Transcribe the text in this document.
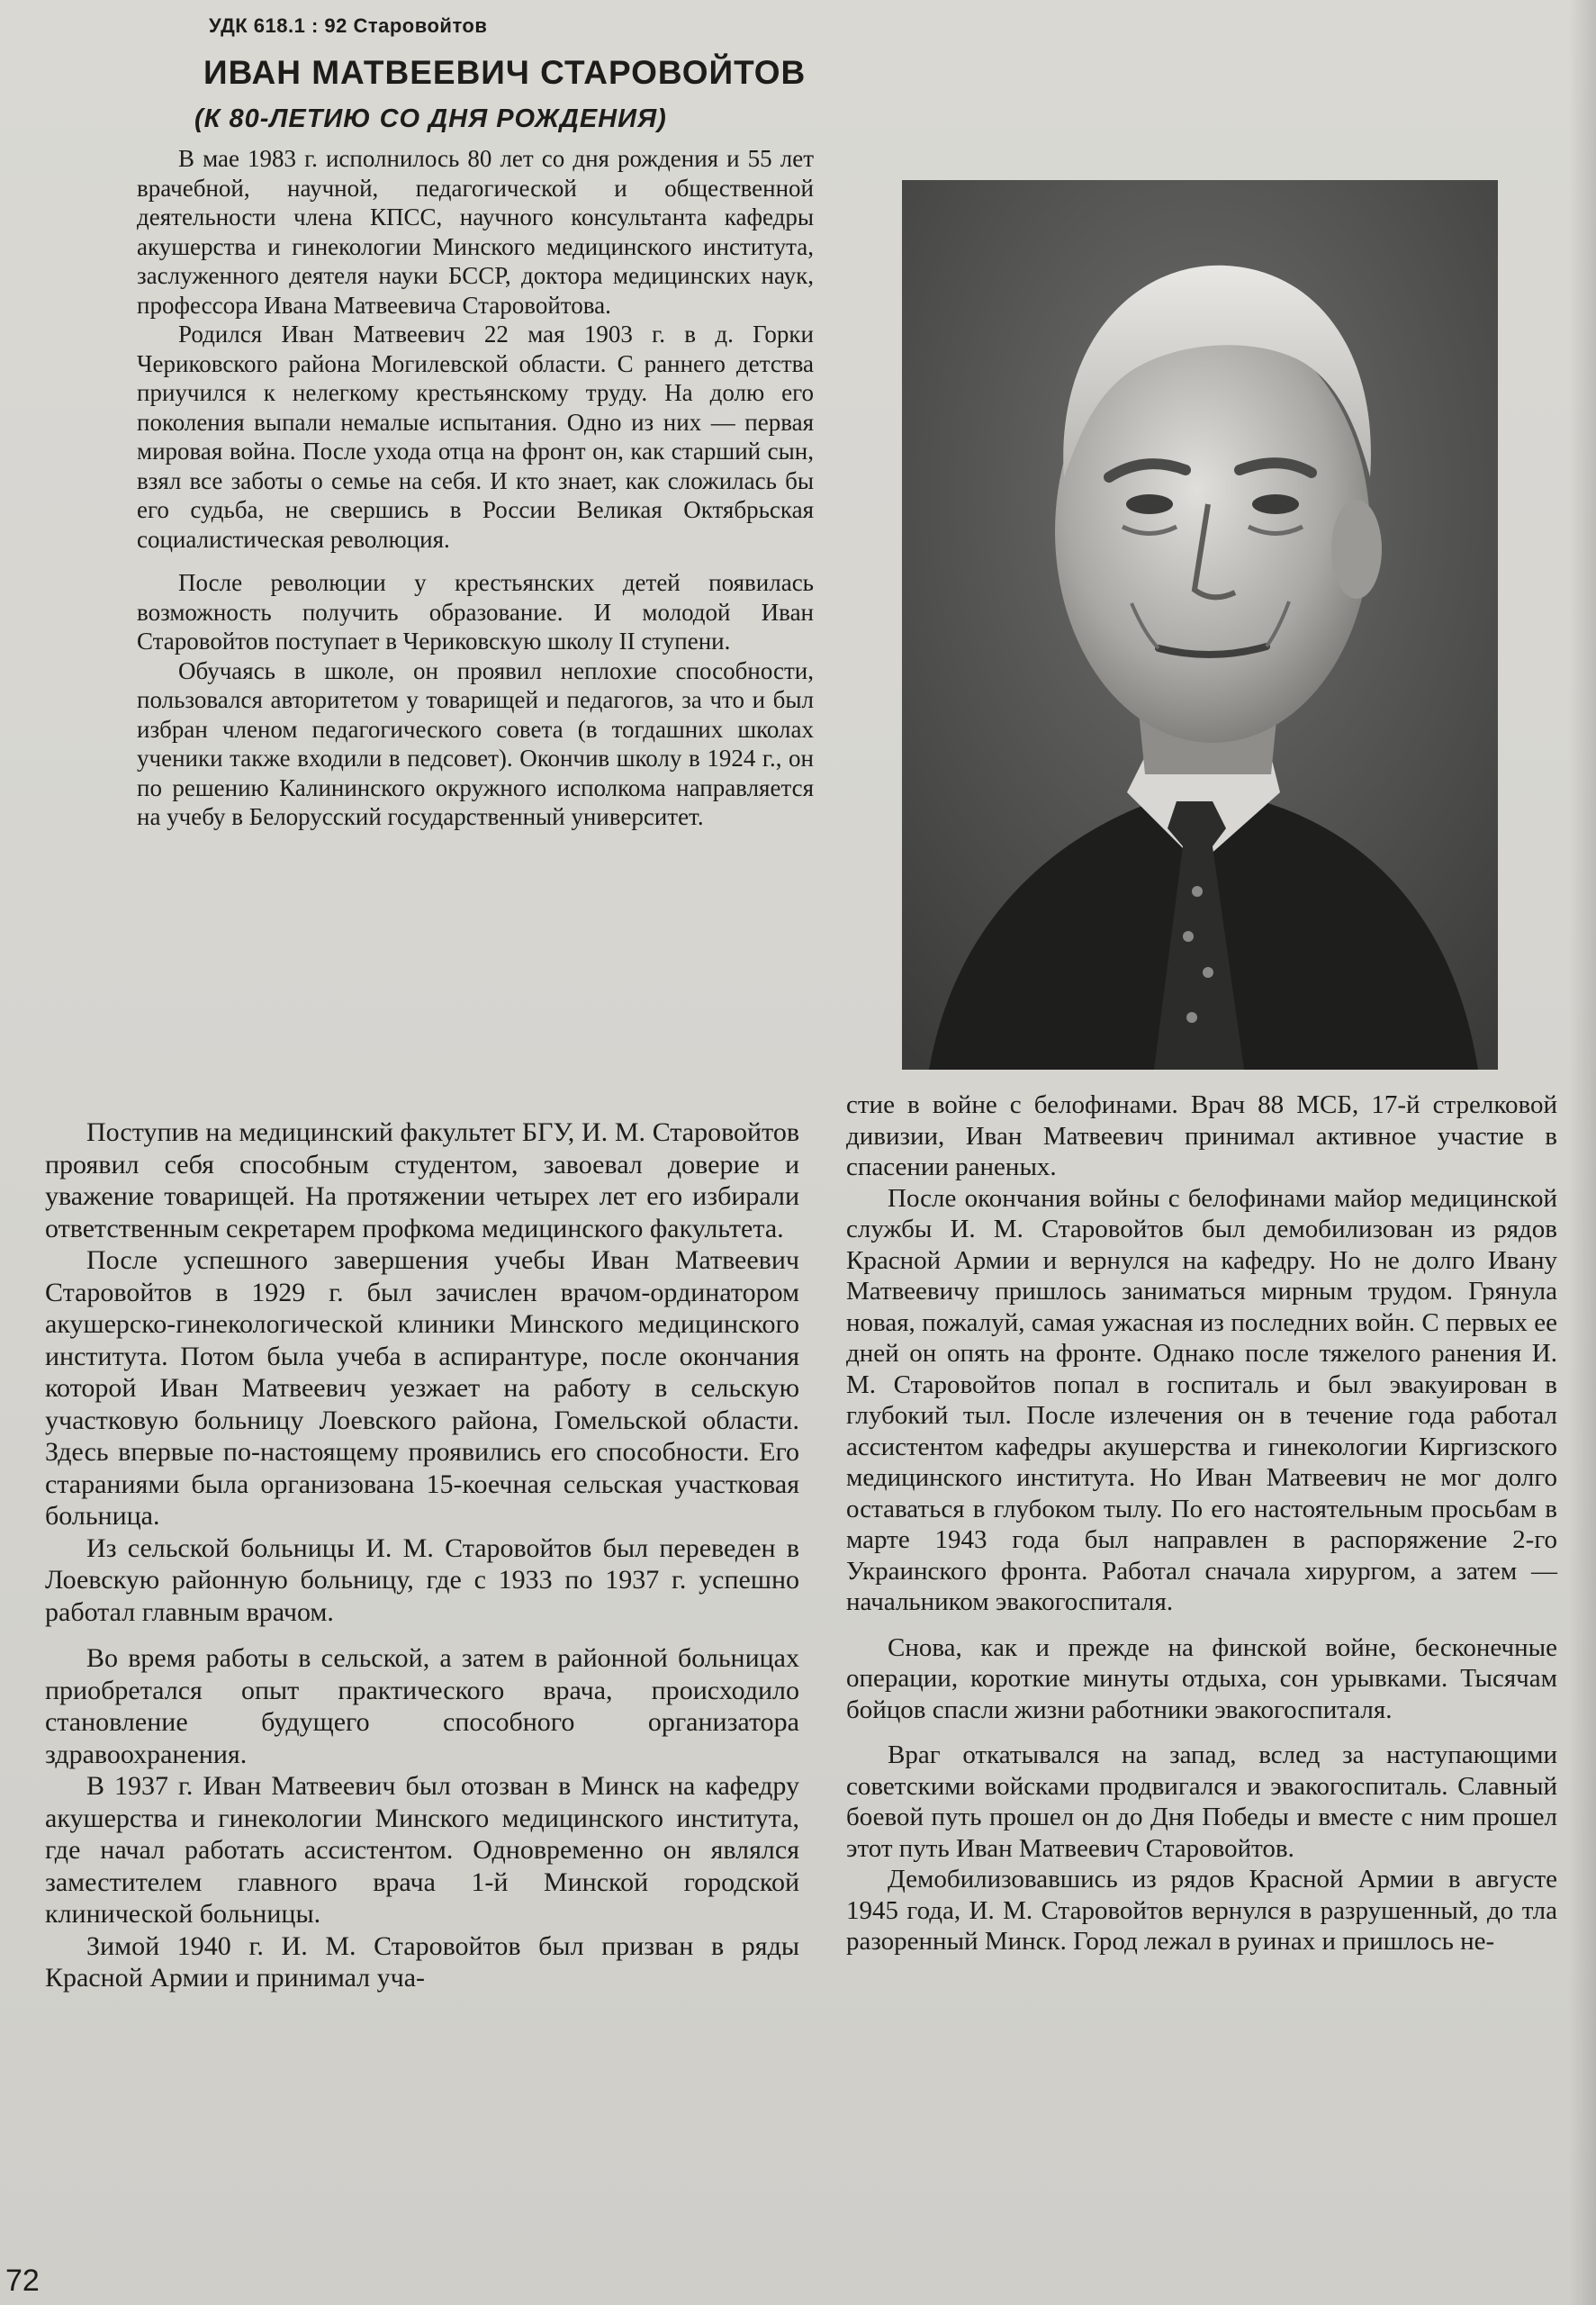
УДК 618.1 : 92 Старовойтов
ИВАН МАТВЕЕВИЧ СТАРОВОЙТОВ
(К 80-ЛЕТИЮ СО ДНЯ РОЖДЕНИЯ)

В мае 1983 г. исполнилось 80 лет со дня рождения и 55 лет врачебной, научной, педагогической и общественной деятельности члена КПСС, научного консультанта кафедры акушерства и гинекологии Минского медицинского института, заслуженного деятеля науки БССР, доктора медицинских наук, профессора Ивана Матвеевича Старовойтова.

Родился Иван Матвеевич 22 мая 1903 г. в д. Горки Чериковского района Могилевской области. С раннего детства приучился к нелегкому крестьянскому труду. На долю его поколения выпали немалые испытания. Одно из них — первая мировая война. После ухода отца на фронт он, как старший сын, взял все заботы о семье на себя. И кто знает, как сложилась бы его судьба, не свершись в России Великая Октябрьская социалистическая революция.

После революции у крестьянских детей появилась возможность получить образование. И молодой Иван Старовойтов поступает в Чериковскую школу II ступени.

Обучаясь в школе, он проявил неплохие способности, пользовался авторитетом у товарищей и педагогов, за что и был избран членом педагогического совета (в тогдашних школах ученики также входили в педсовет). Окончив школу в 1924 г., он по решению Калининского окружного исполкома направляется на учебу в Белорусский государственный университет.

Поступив на медицинский факультет БГУ, И. М. Старовойтов проявил себя способным студентом, завоевал доверие и уважение товарищей. На протяжении четырех лет его избирали ответственным секретарем профкома медицинского факультета.

После успешного завершения учебы Иван Матвеевич Старовойтов в 1929 г. был зачислен врачом-ординатором акушерско-гинекологической клиники Минского медицинского института. Потом была учеба в аспирантуре, после окончания которой Иван Матвеевич уезжает на работу в сельскую участковую больницу Лоевского района, Гомельской области. Здесь впервые по-настоящему проявились его способности. Его стараниями была организована 15-коечная сельская участковая больница.

Из сельской больницы И. М. Старовойтов был переведен в Лоевскую районную больницу, где с 1933 по 1937 г. успешно работал главным врачом.

Во время работы в сельской, а затем в районной больницах приобретался опыт практического врача, происходило становление будущего способного организатора здравоохранения.

В 1937 г. Иван Матвеевич был отозван в Минск на кафедру акушерства и гинекологии Минского медицинского института, где начал работать ассистентом. Одновременно он являлся заместителем главного врача 1-й Минской городской клинической больницы.

Зимой 1940 г. И. М. Старовойтов был призван в ряды Красной Армии и принимал уча-

стие в войне с белофинами. Врач 88 МСБ, 17-й стрелковой дивизии, Иван Матвеевич принимал активное участие в спасении раненых.

После окончания войны с белофинами майор медицинской службы И. М. Старовойтов был демобилизован из рядов Красной Армии и вернулся на кафедру. Но не долго Ивану Матвеевичу пришлось заниматься мирным трудом. Грянула новая, пожалуй, самая ужасная из последних войн. С первых ее дней он опять на фронте. Однако после тяжелого ранения И. М. Старовойтов попал в госпиталь и был эвакуирован в глубокий тыл. После излечения он в течение года работал ассистентом кафедры акушерства и гинекологии Киргизского медицинского института. Но Иван Матвеевич не мог долго оставаться в глубоком тылу. По его настоятельным просьбам в марте 1943 года был направлен в распоряжение 2-го Украинского фронта. Работал сначала хирургом, а затем — начальником эвакогоспиталя.

Снова, как и прежде на финской войне, бесконечные операции, короткие минуты отдыха, сон урывками. Тысячам бойцов спасли жизни работники эвакогоспиталя.

Враг откатывался на запад, вслед за наступающими советскими войсками продвигался и эвакогоспиталь. Славный боевой путь прошел он до Дня Победы и вместе с ним прошел этот путь Иван Матвеевич Старовойтов.

Демобилизовавшись из рядов Красной Армии в августе 1945 года, И. М. Старовойтов вернулся в разрушенный, до тла разоренный Минск. Город лежал в руинах и пришлось не-

72
